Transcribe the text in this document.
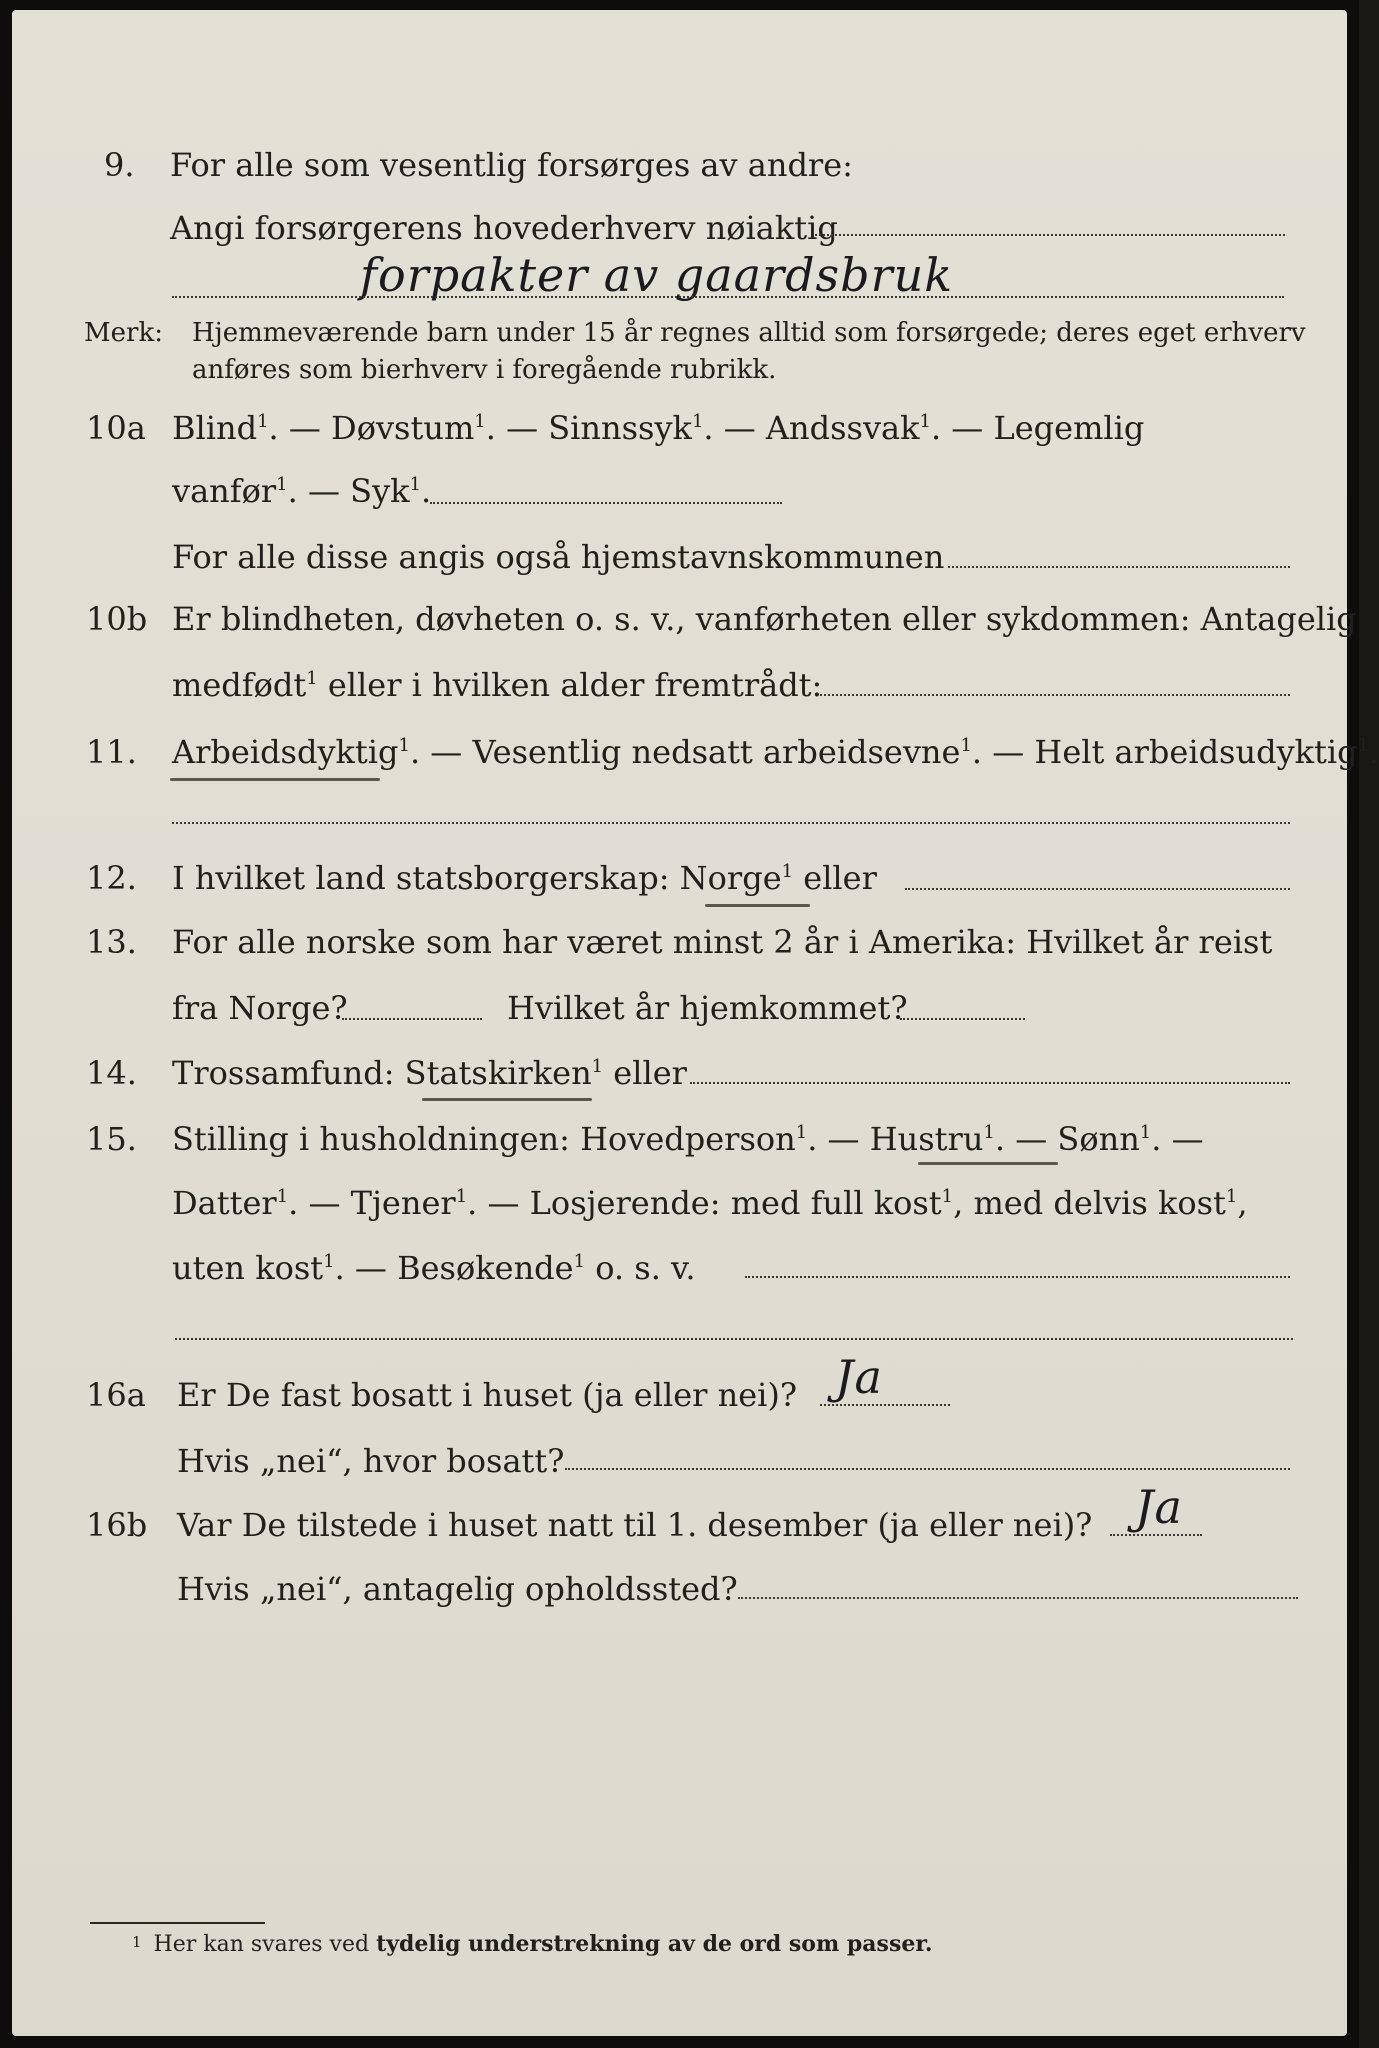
9. For alle som vesentlig forsørges av andre:
Angi forsørgerens hovederhverv nøiaktig
forpakter av gaardsbruk
Merk: Hjemmeværende barn under 15 år regnes alltid som forsørgede; deres eget erhverv
anføres som bierhverv i foregående rubrikk.
10a Blind$^1$. — Døvstum$^1$. — Sinnssyk$^1$. — Andssvak$^1$. — Legemlig
vanfør$^1$. — Syk$^1$.
For alle disse angis også hjemstavnskommunen
10b Er blindheten, døvheten o. s. v., vanførheten eller sykdommen: Antagelig
medfødt$^1$ eller i hvilken alder fremtrådt:
11. Arbeidsdyktig$^1$. — Vesentlig nedsatt arbeidsevne$^1$. — Helt arbeidsudyktig$^1$.
12. I hvilket land statsborgerskap: Norge$^1$ eller
13. For alle norske som har været minst 2 år i Amerika: Hvilket år reist
fra Norge?	Hvilket år hjemkommet?
14. Trossamfund: Statskirken$^1$ eller
15. Stilling i husholdningen: Hovedperson$^1$. — Hustru$^1$. — Sønn$^1$. —
Datter$^1$. — Tjener$^1$. — Losjerende: med full kost$^1$, med delvis kost$^1$,
uten kost$^1$. — Besøkende$^1$ o. s. v.
16a Er De fast bosatt i huset (ja eller nei)? Ja
Hvis „nei“, hvor bosatt?
16b Var De tilstede i huset natt til 1. desember (ja eller nei)? Ja
Hvis „nei“, antagelig opholdssted?
1 Her kan svares ved tydelig understrekning av de ord som passer.
